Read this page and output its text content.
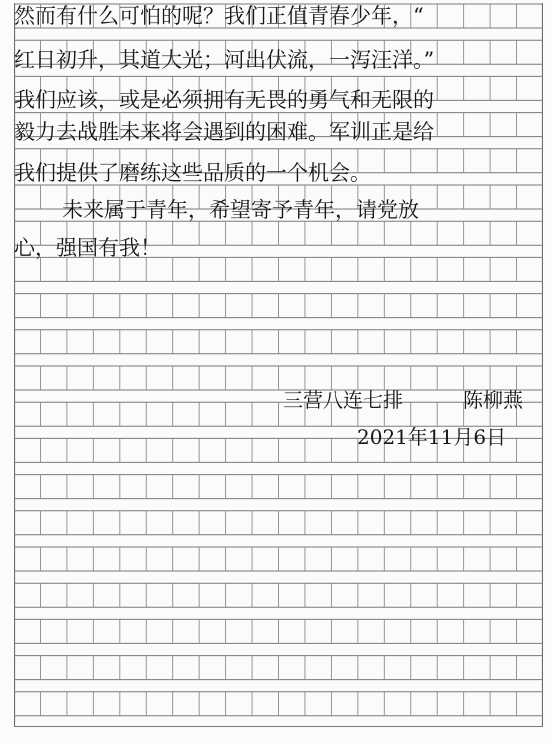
然而有什么可怕的呢？我们正值青春少年，“
红日初升，其道大光；河出伏流，一泻汪洋。”
我们应该，或是必须拥有无畏的勇气和无限的
毅力去战胜未来将会遇到的困难。军训正是给
我们提供了磨练这些品质的一个机会。
未来属于青年，希望寄予青年，请党放
心，强国有我！
三营八连七排	陈柳燕
2021年11月6日
